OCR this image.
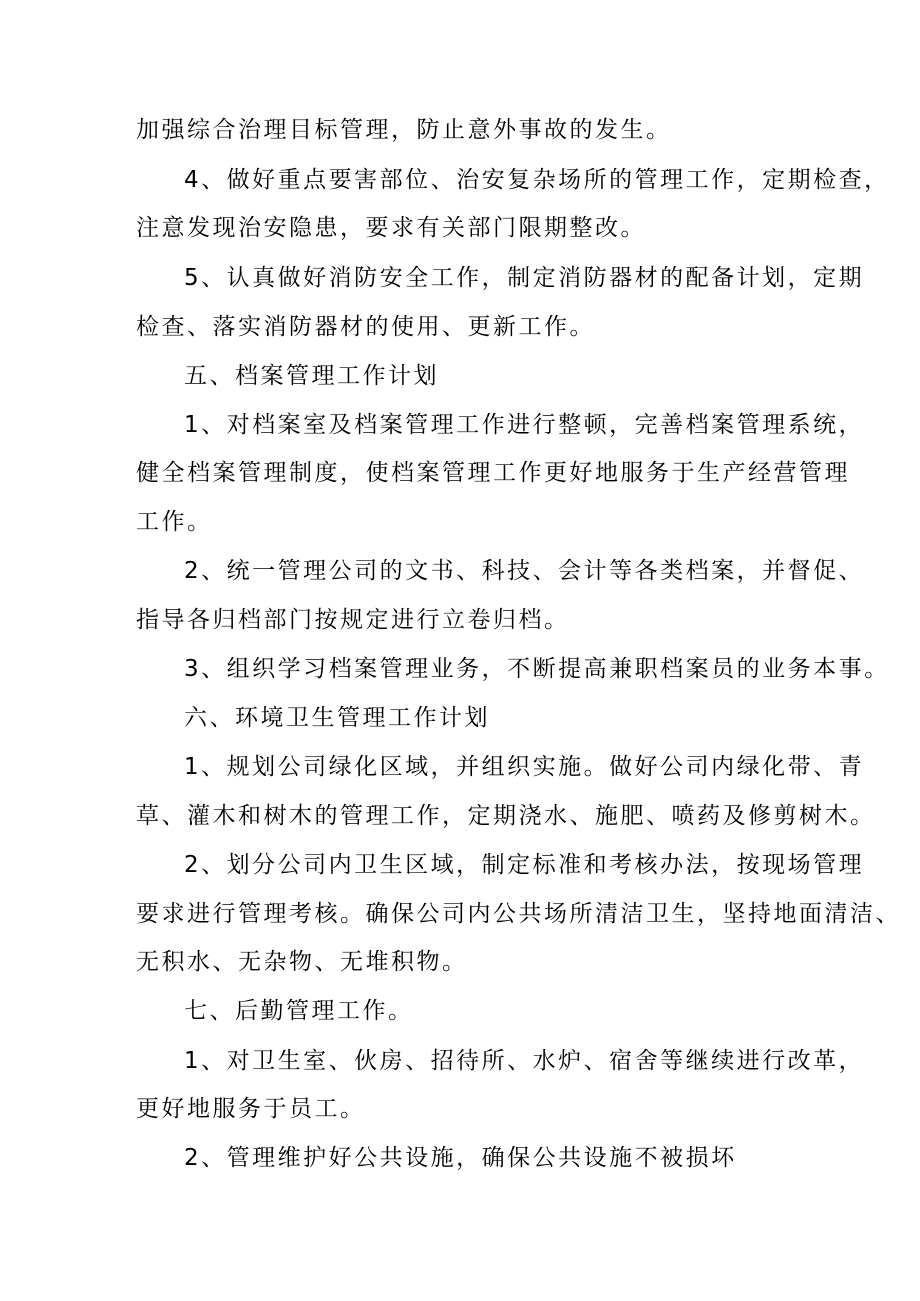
加强综合治理目标管理，防止意外事故的发生。
4、做好重点要害部位、治安复杂场所的管理工作，定期检查，
注意发现治安隐患，要求有关部门限期整改。
5、认真做好消防安全工作，制定消防器材的配备计划，定期
检查、落实消防器材的使用、更新工作。
五、档案管理工作计划
1、对档案室及档案管理工作进行整顿，完善档案管理系统，
健全档案管理制度，使档案管理工作更好地服务于生产经营管理
工作。
2、统一管理公司的文书、科技、会计等各类档案，并督促、
指导各归档部门按规定进行立卷归档。
3、组织学习档案管理业务，不断提高兼职档案员的业务本事。
六、环境卫生管理工作计划
1、规划公司绿化区域，并组织实施。做好公司内绿化带、青
草、灌木和树木的管理工作，定期浇水、施肥、喷药及修剪树木。
2、划分公司内卫生区域，制定标准和考核办法，按现场管理
要求进行管理考核。确保公司内公共场所清洁卫生，坚持地面清洁、
无积水、无杂物、无堆积物。
七、后勤管理工作。
1、对卫生室、伙房、招待所、水炉、宿舍等继续进行改革，
更好地服务于员工。
2、管理维护好公共设施，确保公共设施不被损坏
